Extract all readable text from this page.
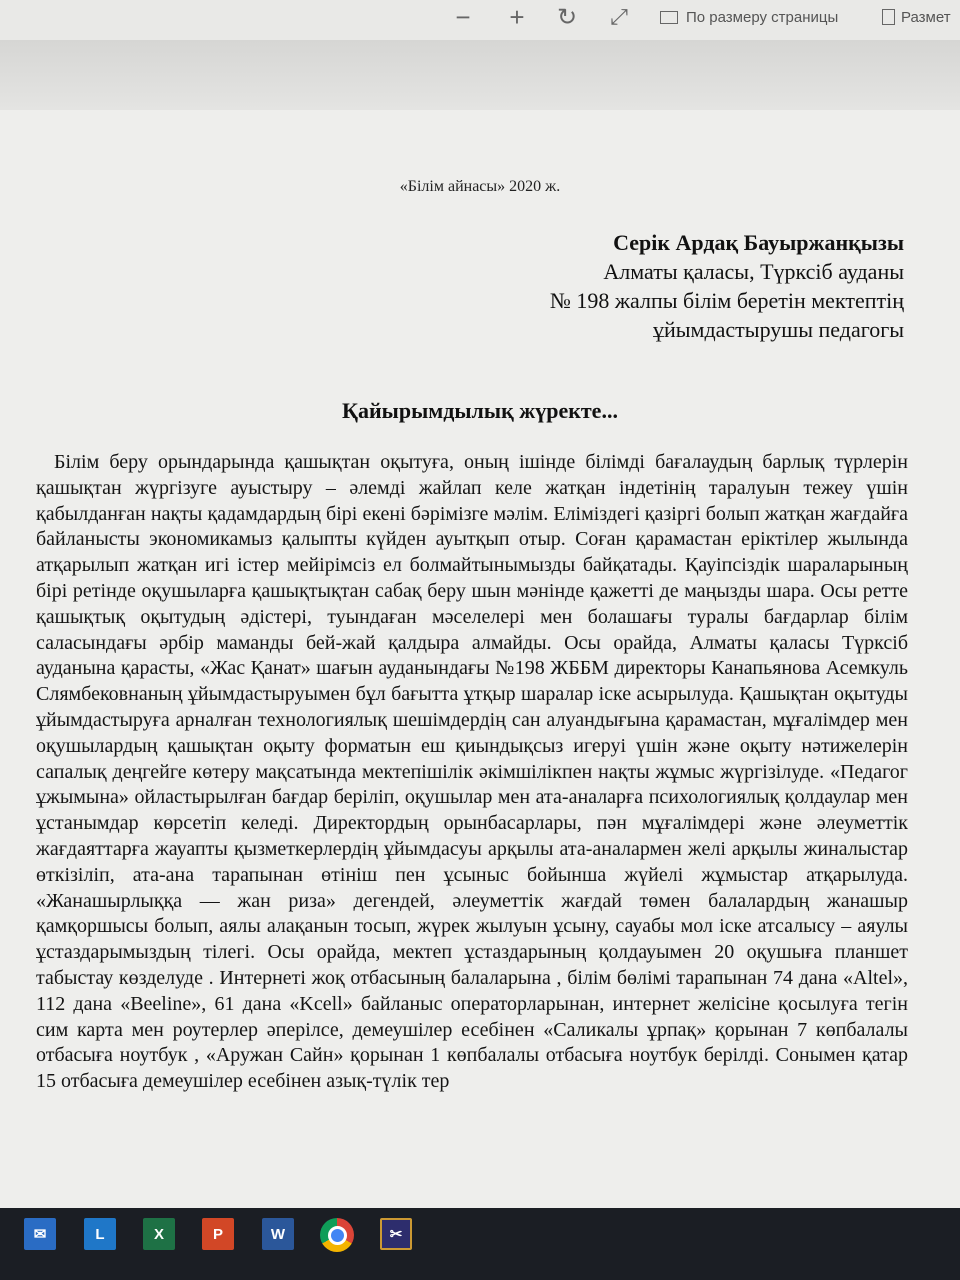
− + ↻ ⤢	По размеру страницы	Размет
«Білім айнасы» 2020 ж.
Серік Ардақ Бауыржанқызы
Алматы қаласы, Түрксіб ауданы
№ 198 жалпы білім беретін мектептің
ұйымдастырушы педагогы
Қайырымдылық жүректе...

Білім беру орындарында қашықтан оқытуға, оның ішінде білімді бағалаудың барлық түрлерін қашықтан жүргізуге ауыстыру – әлемді жайлап келе жатқан індетінің таралуын тежеу үшін қабылданған нақты қадамдардың бірі екені бәрімізге мәлім. Еліміздегі қазіргі болып жатқан жағдайға байланысты экономикамыз қалыпты күйден ауытқып отыр. Соған қарамастан еріктілер жылында атқарылып жатқан игі істер мейірімсіз ел болмайтынымызды байқатады. Қауіпсіздік шараларының бірі ретінде оқушыларға қашықтықтан сабақ беру шын мәнінде қажетті де маңызды шара. Осы ретте қашықтық оқытудың әдістері, туындаған мәселелері мен болашағы туралы бағдарлар білім саласындағы әрбір маманды бей-жай қалдыра алмайды. Осы орайда, Алматы қаласы Түрксіб ауданына қарасты, «Жас Қанат» шағын ауданындағы №198 ЖББМ директоры Канапьянова Асемкуль Слямбековнаның ұйымдастыруымен бұл бағытта ұтқыр шаралар іске асырылуда. Қашықтан оқытуды ұйымдастыруға арналған технологиялық шешімдердің сан алуандығына қарамастан, мұғалімдер мен оқушылардың қашықтан оқыту форматын еш қиындықсыз игеруі үшін және оқыту нәтижелерін сапалық деңгейге көтеру мақсатында мектепішілік әкімшілікпен нақты жұмыс жүргізілуде. «Педагог ұжымына» ойластырылған бағдар беріліп, оқушылар мен ата-аналарға психологиялық қолдаулар мен ұстанымдар көрсетіп келеді. Директордың орынбасарлары, пән мұғалімдері және әлеуметтік жағдаяттарға жауапты қызметкерлердің ұйымдасуы арқылы ата-аналармен желі арқылы жиналыстар өткізіліп, ата-ана тарапынан өтініш пен ұсыныс бойынша жүйелі жұмыстар атқарылуда. «Жанашырлыққа — жан риза» дегендей, әлеуметтік жағдай төмен балалардың жанашыр қамқоршысы болып, аялы алақанын тосып, жүрек жылуын ұсыну, сауабы мол іске атсалысу – аяулы ұстаздарымыздың тілегі. Осы орайда, мектеп ұстаздарының қолдауымен 20 оқушыға планшет табыстау көзделуде . Интернеті жоқ отбасының балаларына , білім бөлімі тарапынан 74 дана «Altel», 112 дана «Beeline», 61 дана «Kcell» байланыс операторларынан, интернет желісіне қосылуға тегін сим карта мен роутерлер әперілсе, демеушілер есебінен «Саликалы ұрпақ» қорынан 7 көпбалалы отбасыға ноутбук , «Аружан Сайн» қорынан 1 көпбалалы отбасыға ноутбук берілді. Сонымен қатар 15 отбасыға демеушілер есебінен азық-түлік тер

✉	L	X	P	W	✂
